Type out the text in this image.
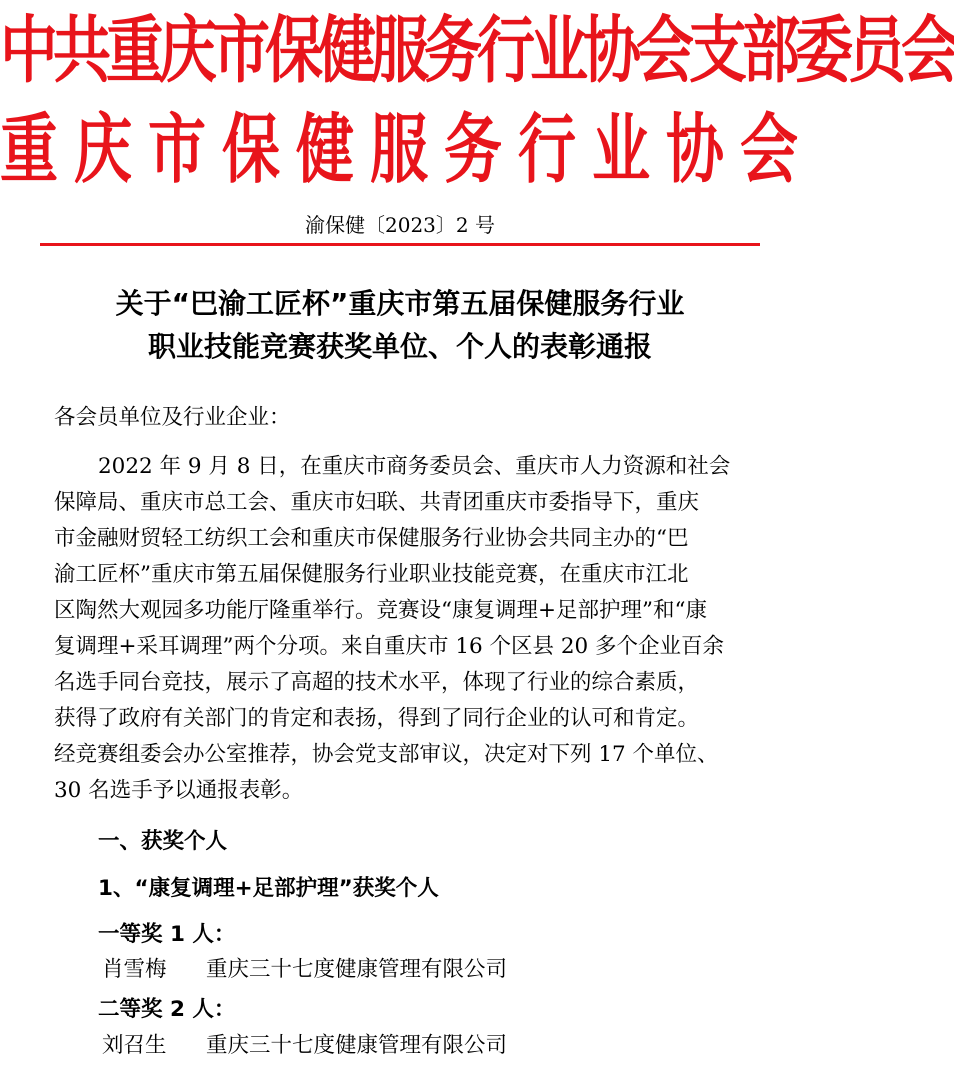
中共重庆市保健服务行业协会支部委员会
重庆市保健服务行业协会
渝保健〔2023〕2 号
关于“巴渝工匠杯”重庆市第五届保健服务行业
职业技能竞赛获奖单位、个人的表彰通报
各会员单位及行业企业：
2022 年 9 月 8 日，在重庆市商务委员会、重庆市人力资源和社会
保障局、重庆市总工会、重庆市妇联、共青团重庆市委指导下，重庆
市金融财贸轻工纺织工会和重庆市保健服务行业协会共同主办的“巴
渝工匠杯”重庆市第五届保健服务行业职业技能竞赛，在重庆市江北
区陶然大观园多功能厅隆重举行。竞赛设“康复调理+足部护理”和“康
复调理+采耳调理”两个分项。来自重庆市 16 个区县 20 多个企业百余
名选手同台竞技，展示了高超的技术水平，体现了行业的综合素质，
获得了政府有关部门的肯定和表扬，得到了同行企业的认可和肯定。
经竞赛组委会办公室推荐，协会党支部审议，决定对下列 17 个单位、
30 名选手予以通报表彰。
一、获奖个人
1、“康复调理+足部护理”获奖个人
一等奖 1 人：
肖雪梅 重庆三十七度健康管理有限公司
二等奖 2 人：
刘召生 重庆三十七度健康管理有限公司
